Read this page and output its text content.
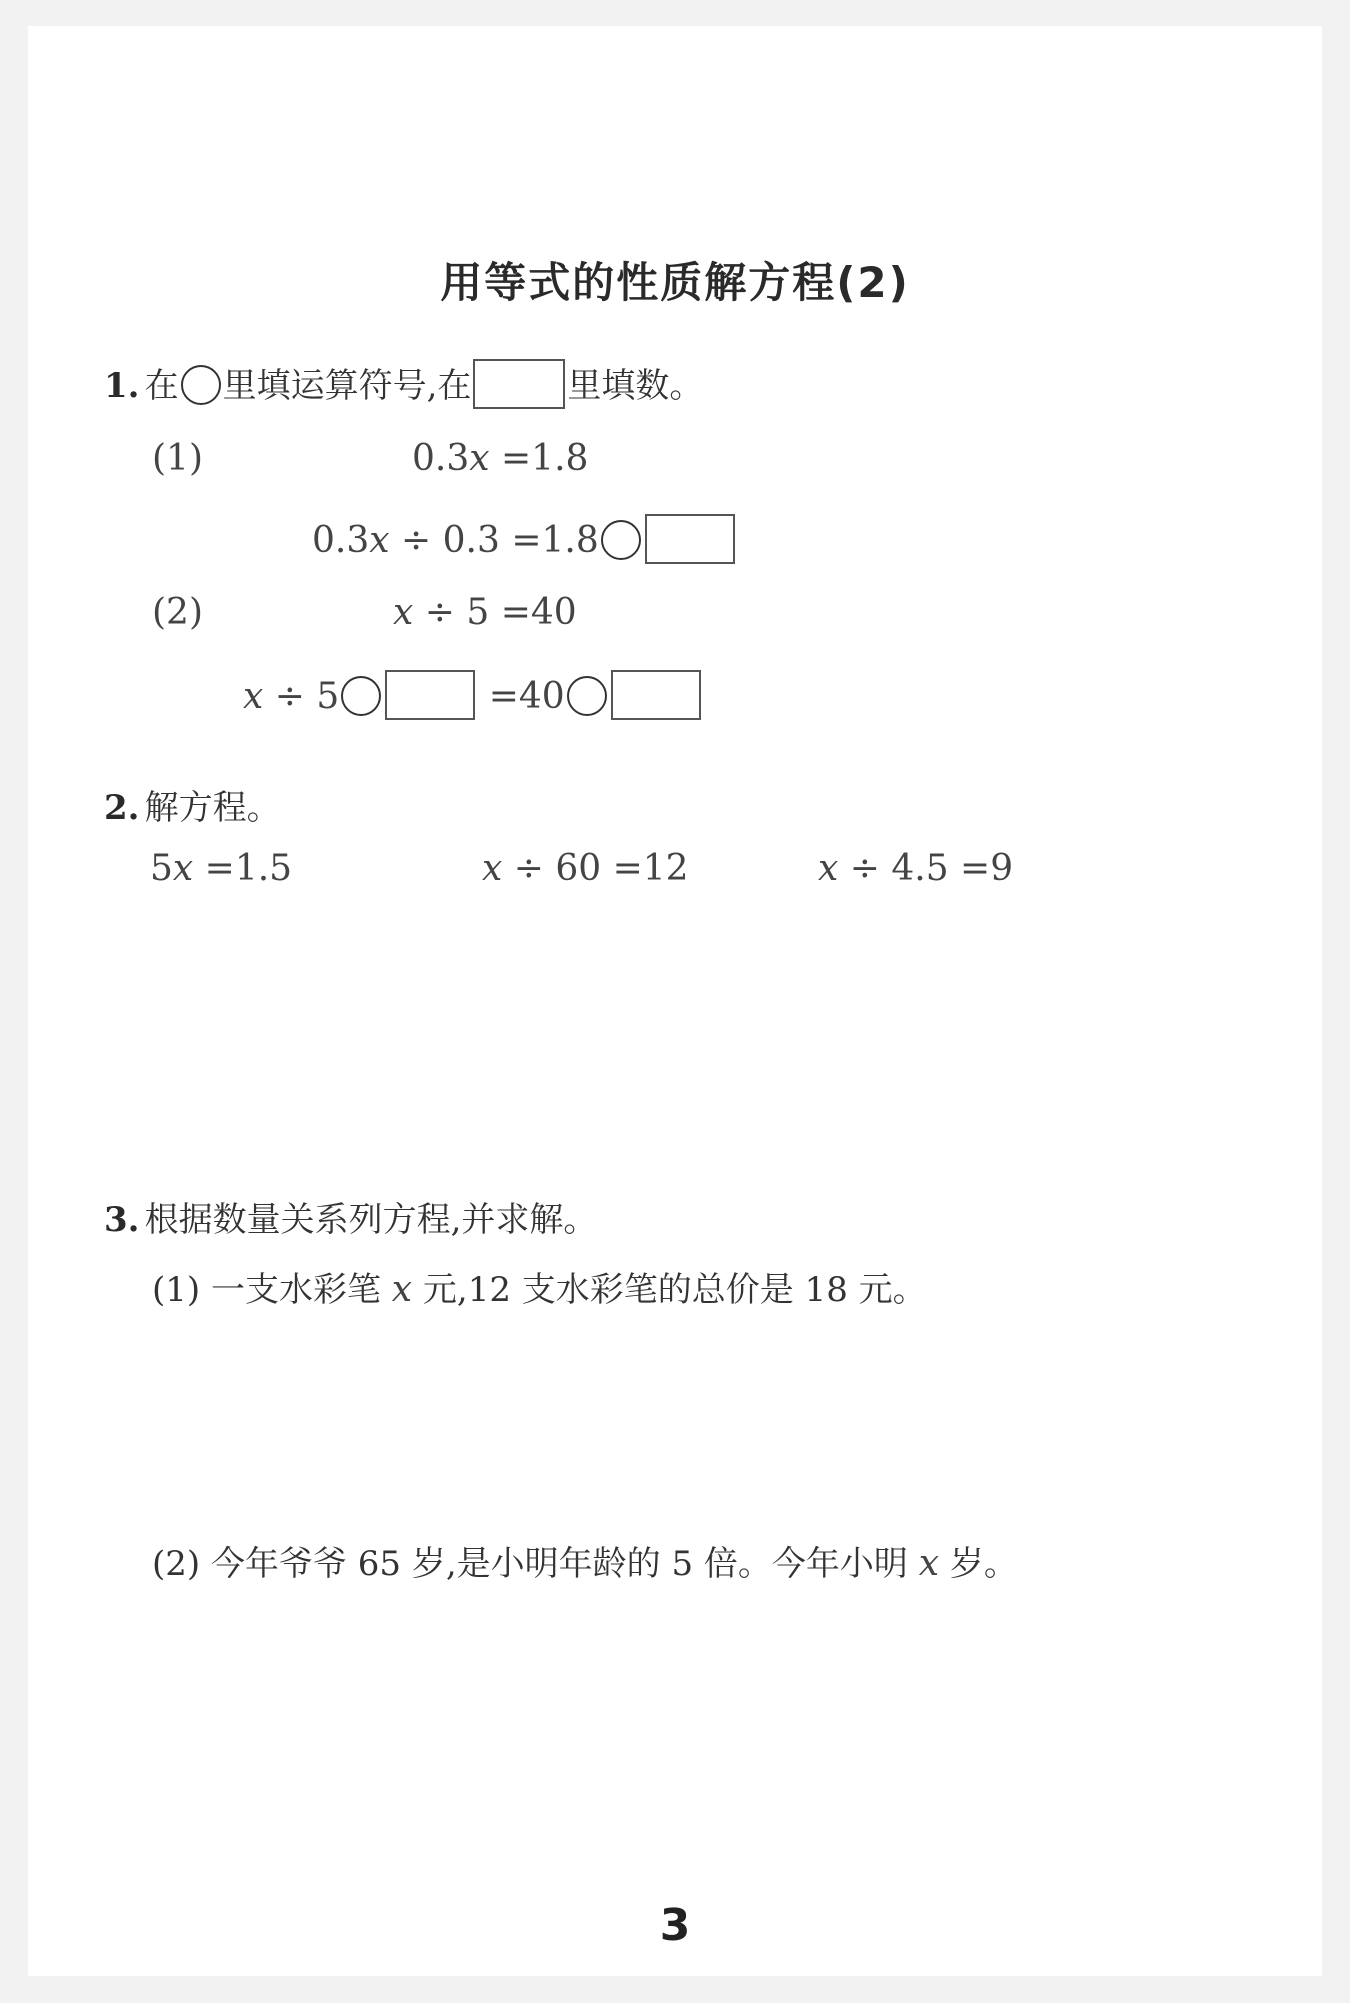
用等式的性质解方程(2)
1. 在 里填运算符号,在	里填数。
(1)	0.3x =1.8
0.3x ÷ 0.3 =1.8
(2)	x ÷ 5 =40
x ÷ 5	=40
2. 解方程。
5x =1.5	x ÷ 60 =12	x ÷ 4.5 =9
3. 根据数量关系列方程,并求解。
(1) 一支水彩笔 x 元,12 支水彩笔的总价是 18 元。
(2) 今年爷爷 65 岁,是小明年龄的 5 倍。今年小明 x 岁。
3
